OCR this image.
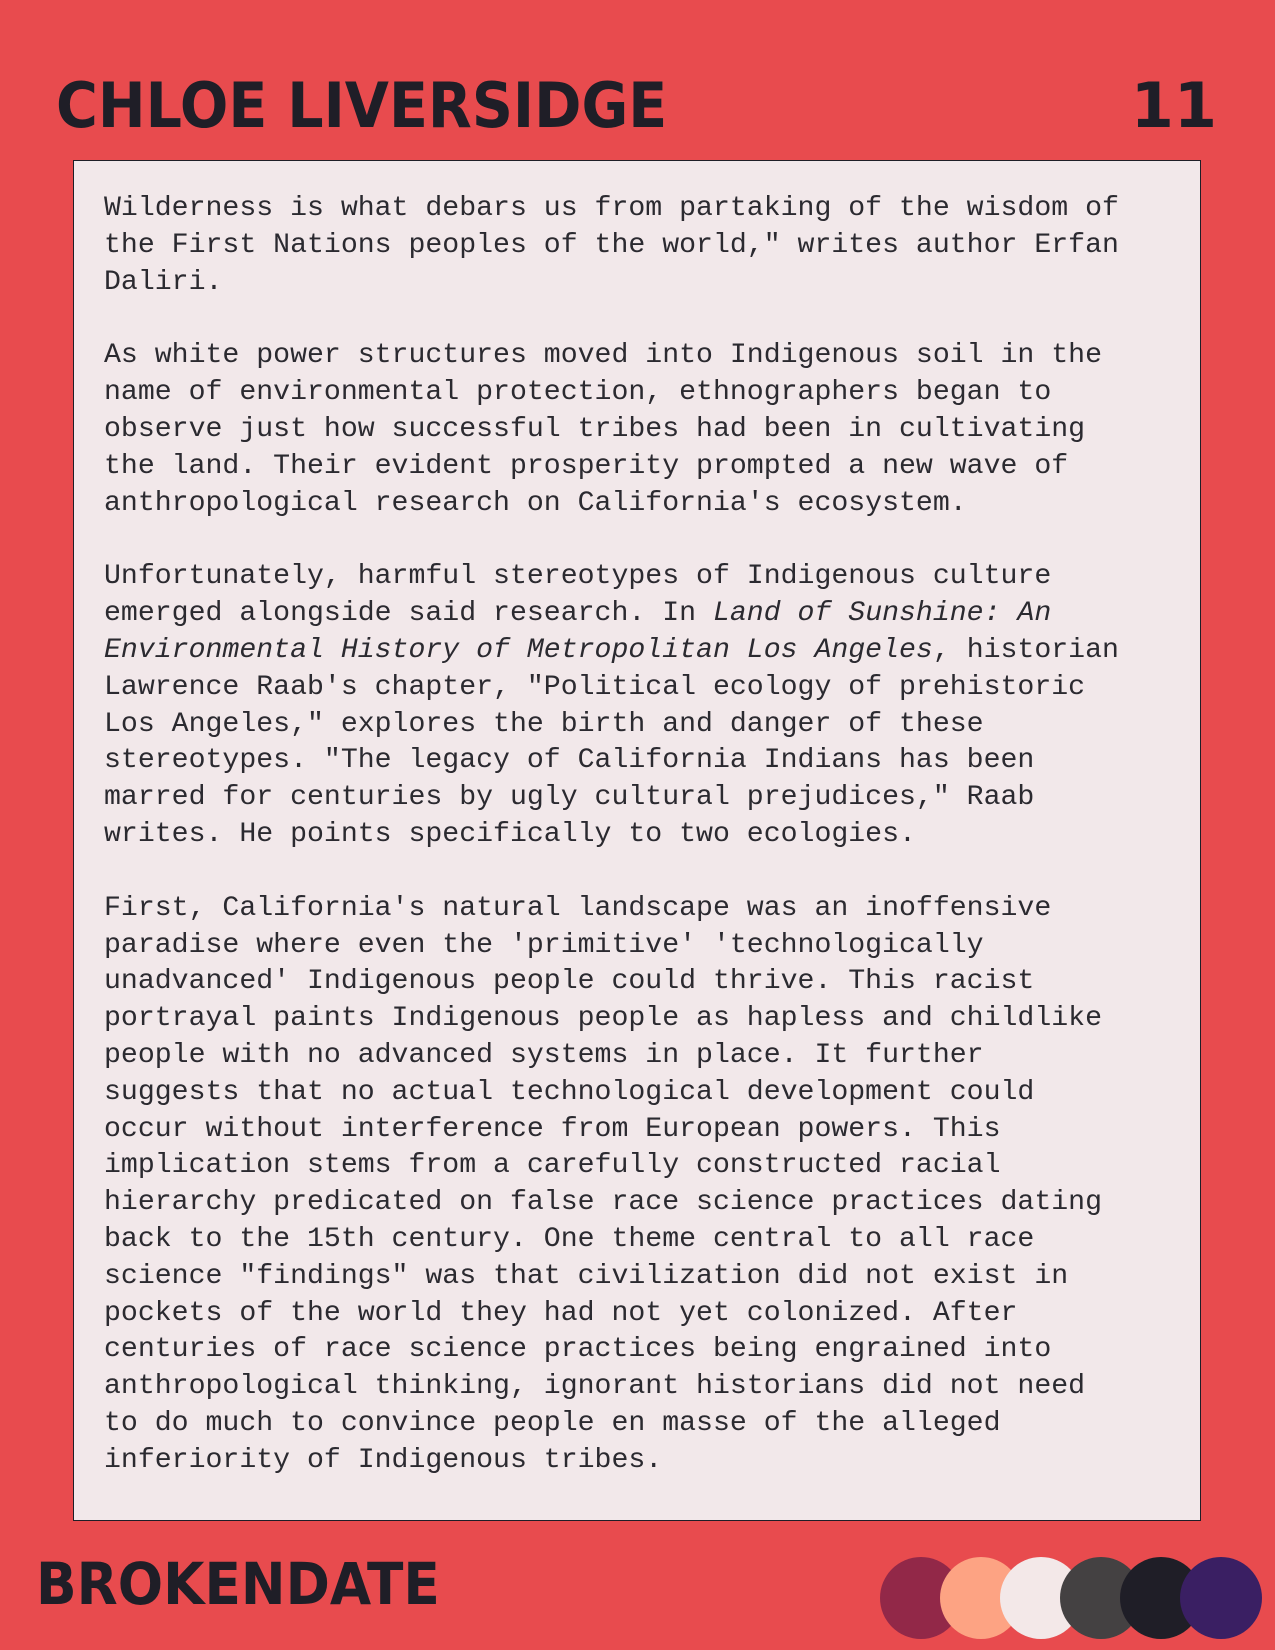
CHLOE LIVERSIDGE	11

Wilderness is what debars us from partaking of the wisdom of
the First Nations peoples of the world," writes author Erfan
Daliri.

As white power structures moved into Indigenous soil in the
name of environmental protection, ethnographers began to
observe just how successful tribes had been in cultivating
the land. Their evident prosperity prompted a new wave of
anthropological research on California's ecosystem.

Unfortunately, harmful stereotypes of Indigenous culture
emerged alongside said research. In Land of Sunshine: An
Environmental History of Metropolitan Los Angeles, historian
Lawrence Raab's chapter, "Political ecology of prehistoric
Los Angeles," explores the birth and danger of these
stereotypes. "The legacy of California Indians has been
marred for centuries by ugly cultural prejudices," Raab
writes. He points specifically to two ecologies.

First, California's natural landscape was an inoffensive
paradise where even the 'primitive' 'technologically
unadvanced' Indigenous people could thrive. This racist
portrayal paints Indigenous people as hapless and childlike
people with no advanced systems in place. It further
suggests that no actual technological development could
occur without interference from European powers. This
implication stems from a carefully constructed racial
hierarchy predicated on false race science practices dating
back to the 15th century. One theme central to all race
science "findings" was that civilization did not exist in
pockets of the world they had not yet colonized. After
centuries of race science practices being engrained into
anthropological thinking, ignorant historians did not need
to do much to convince people en masse of the alleged
inferiority of Indigenous tribes.

BROKENDATE
